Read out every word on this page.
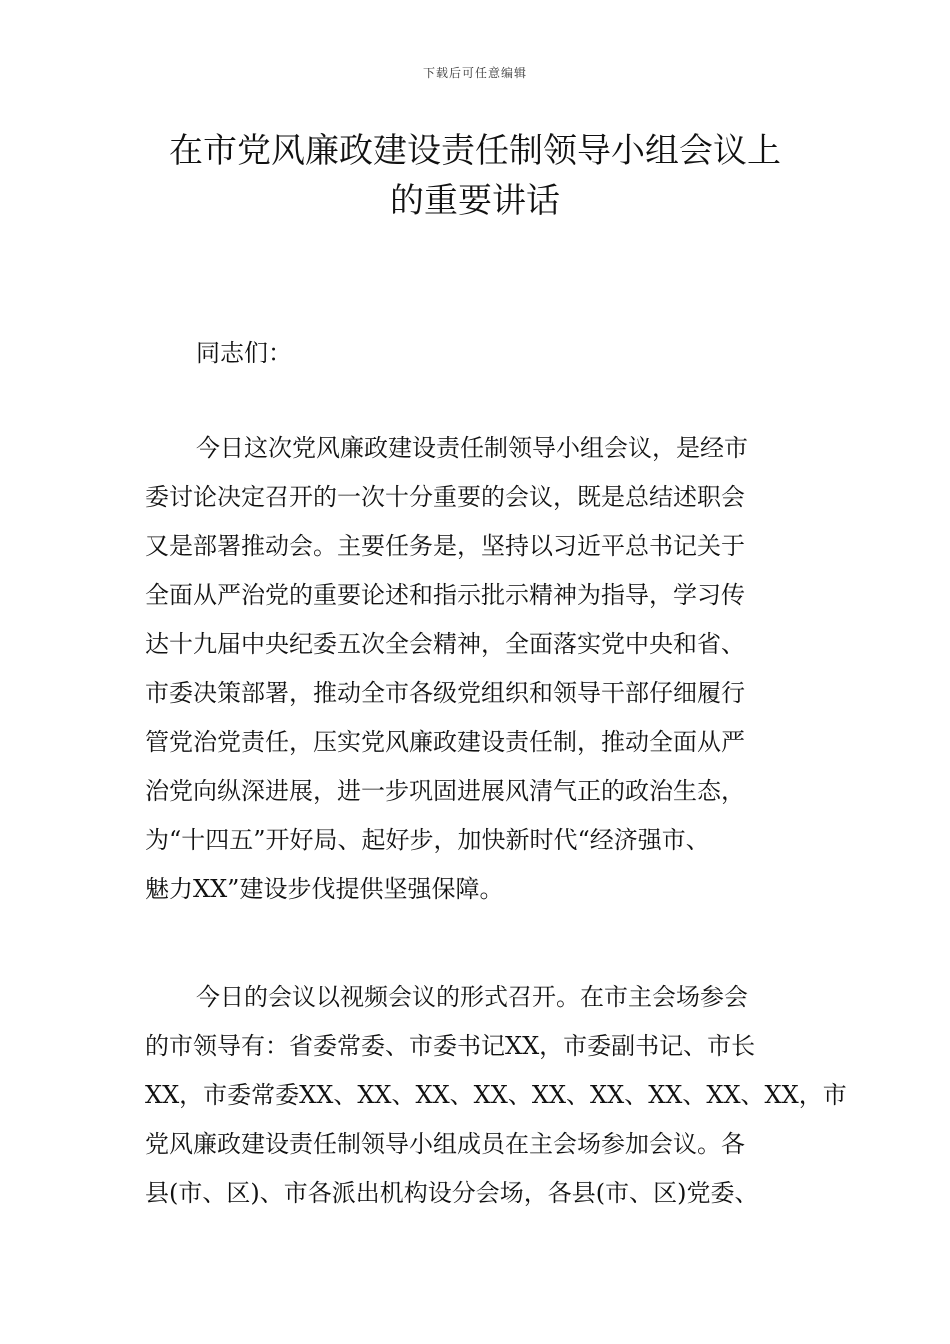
下载后可任意编辑
在市党风廉政建设责任制领导小组会议上
的重要讲话
同志们：
今日这次党风廉政建设责任制领导小组会议，是经市
委讨论决定召开的一次十分重要的会议，既是总结述职会
又是部署推动会。主要任务是，坚持以习近平总书记关于
全面从严治党的重要论述和指示批示精神为指导，学习传
达十九届中央纪委五次全会精神，全面落实党中央和省、
市委决策部署，推动全市各级党组织和领导干部仔细履行
管党治党责任，压实党风廉政建设责任制，推动全面从严
治党向纵深进展，进一步巩固进展风清气正的政治生态，
为“十四五”开好局、起好步，加快新时代“经济强市、
魅力XX”建设步伐提供坚强保障。
今日的会议以视频会议的形式召开。在市主会场参会
的市领导有：省委常委、市委书记XX，市委副书记、市长
XX，市委常委XX、XX、XX、XX、XX、XX、XX、XX、XX，市
党风廉政建设责任制领导小组成员在主会场参加会议。各
县(市、区)、市各派出机构设分会场，各县(市、区)党委、
